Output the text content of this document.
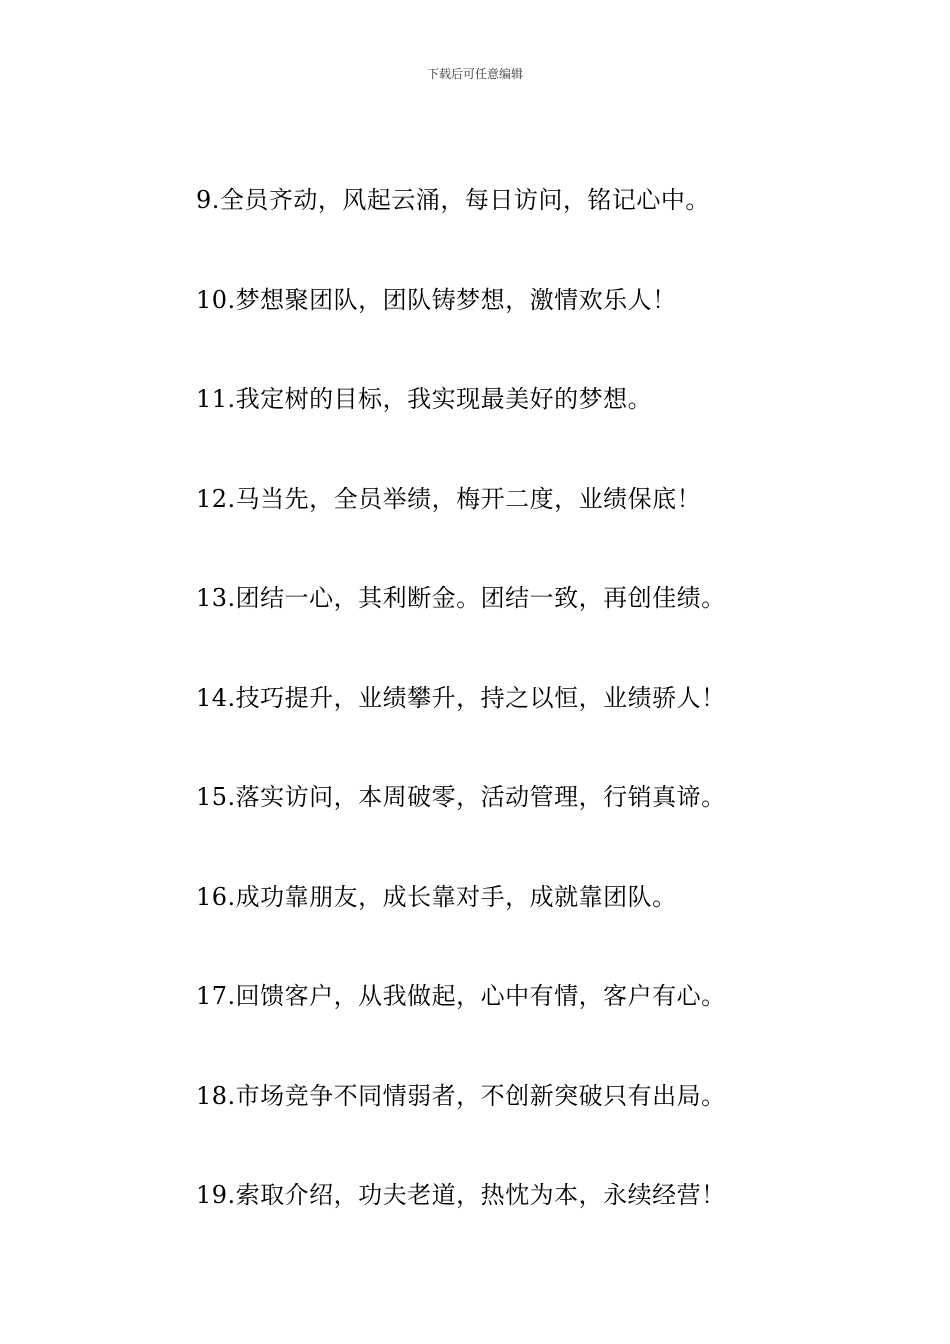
下载后可任意编辑
9.全员齐动，风起云涌，每日访问，铭记心中。
10.梦想聚团队，团队铸梦想，激情欢乐人！
11.我定树的目标，我实现最美好的梦想。
12.马当先，全员举绩，梅开二度，业绩保底！
13.团结一心，其利断金。团结一致，再创佳绩。
14.技巧提升，业绩攀升，持之以恒，业绩骄人！
15.落实访问，本周破零，活动管理，行销真谛。
16.成功靠朋友，成长靠对手，成就靠团队。
17.回馈客户，从我做起，心中有情，客户有心。
18.市场竞争不同情弱者，不创新突破只有出局。
19.索取介绍，功夫老道，热忱为本，永续经营！
